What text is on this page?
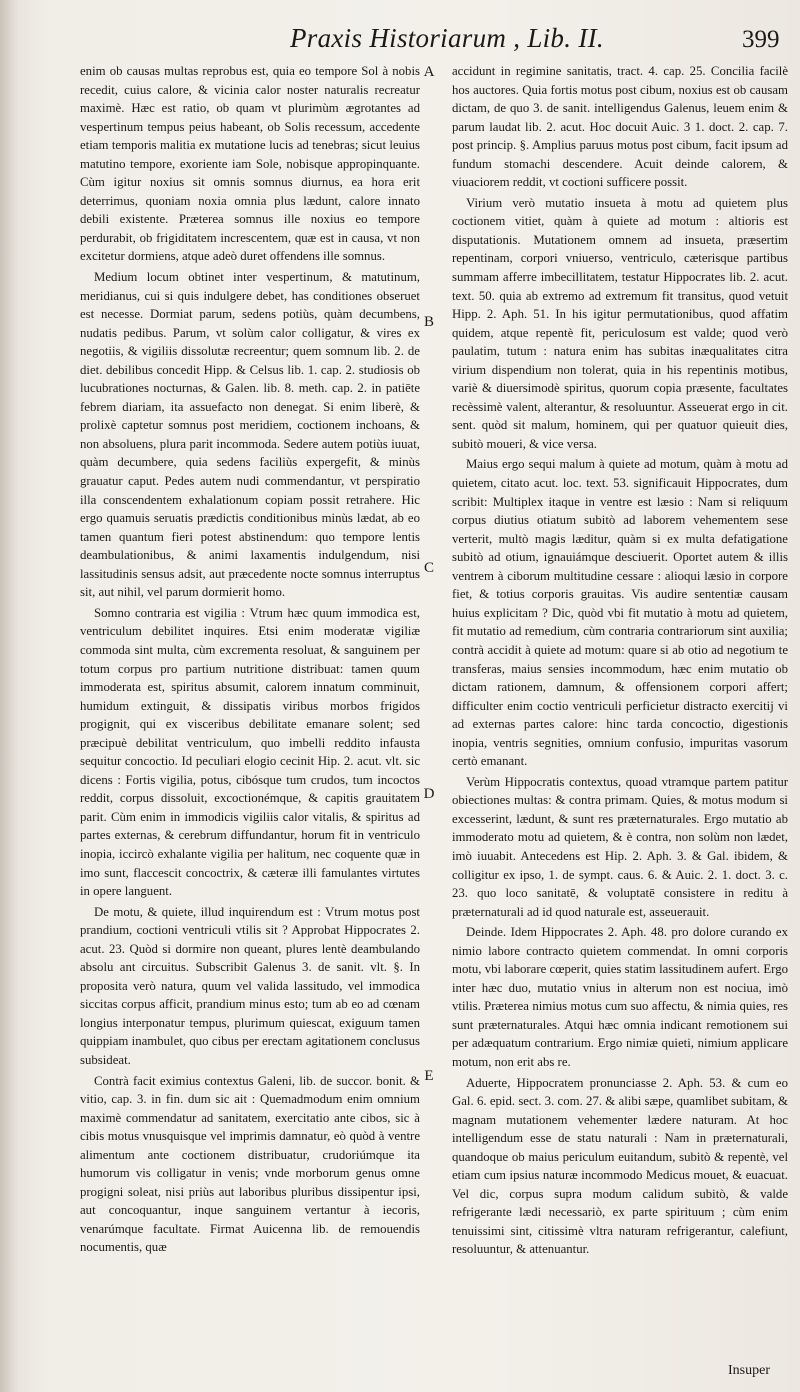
Praxis Historiarum , Lib. II.	399

enim ob causas multas reprobus est, quia eo tempore Sol à nobis recedit, cuius calore, & vicinia calor noster naturalis recreatur maximè. Hæc est ratio, ob quam vt plurimùm ægrotantes ad vespertinum tempus peius habeant, ob Solis recessum, accedente etiam temporis malitia ex mutatione lucis ad tenebras; sicut leuius matutino tempore, exoriente iam Sole, nobisque appropinquante. Cùm igitur noxius sit omnis somnus diurnus, ea hora erit deterrimus, quoniam noxia omnia plus lædunt, calore innato debili existente. Præterea somnus ille noxius eo tempore perdurabit, ob frigiditatem increscentem, quæ est in causa, vt non excitetur dormiens, atque adeò duret offendens ille somnus.

Medium locum obtinet inter vespertinum, & matutinum, meridianus, cui si quis indulgere debet, has conditiones obseruet est necesse. Dormiat parum, sedens potiùs, quàm decumbens, nudatis pedibus. Parum, vt solùm calor colligatur, & vires ex negotiis, & vigiliis dissolutæ recreentur; quem somnum lib. 2. de diet. debilibus concedit Hipp. & Celsus lib. 1. cap. 2. studiosis ob lucubrationes nocturnas, & Galen. lib. 8. meth. cap. 2. in patiēte febrem diariam, ita assuefacto non denegat. Si enim liberè, & prolixè captetur somnus post meridiem, coctionem inchoans, & non absoluens, plura parit incommoda. Sedere autem potiùs iuuat, quàm decumbere, quia sedens faciliùs expergefit, & minùs grauatur caput. Pedes autem nudi commendantur, vt perspiratio illa conscendentem exhalationum copiam possit retrahere. Hic ergo quamuis seruatis prædictis conditionibus minùs lædat, ab eo tamen quantum fieri potest abstinendum: quo tempore lentis deambulationibus, & animi laxamentis indulgendum, nisi lassitudinis sensus adsit, aut præcedente nocte somnus interruptus sit, aut nihil, vel parum dormierit homo.

Somno contraria est vigilia : Vtrum hæc quum immodica est, ventriculum debilitet inquires. Etsi enim moderatæ vigiliæ commoda sint multa, cùm excrementa resoluat, & sanguinem per totum corpus pro partium nutritione distribuat: tamen quum immoderata est, spiritus absumit, calorem innatum comminuit, humidum extinguit, & dissipatis viribus morbos frigidos progignit, qui ex visceribus debilitate emanare solent; sed præcipuè debilitat ventriculum, quo imbelli reddito infausta sequitur concoctio. Id peculiari elogio cecinit Hip. 2. acut. vlt. sic dicens : Fortis vigilia, potus, cibósque tum crudos, tum incoctos reddit, corpus dissoluit, excoctionémque, & capitis grauitatem parit. Cùm enim in immodicis vigiliis calor vitalis, & spiritus ad partes externas, & cerebrum diffundantur, horum fit in ventriculo inopia, iccircò exhalante vigilia per halitum, nec coquente quæ in imo sunt, flaccescit concoctrix, & cæteræ illi famulantes virtutes in opere languent.

De motu, & quiete, illud inquirendum est : Vtrum motus post prandium, coctioni ventriculi vtilis sit ? Approbat Hippocrates 2. acut. 23. Quòd si dormire non queant, plures lentè deambulando absolu ant circuitus. Subscribit Galenus 3. de sanit. vlt. §. In proposita verò natura, quum vel valida lassitudo, vel immodica siccitas corpus afficit, prandium minus esto; tum ab eo ad cœnam longius interponatur tempus, plurimum quiescat, exiguum tamen quippiam inambulet, quo cibus per erectam agitationem conclusus subsideat.

Contrà facit eximius contextus Galeni, lib. de succor. bonit. & vitio, cap. 3. in fin. dum sic ait : Quemadmodum enim omnium maximè commendatur ad sanitatem, exercitatio ante cibos, sic à cibis motus vnusquisque vel imprimis damnatur, eò quòd à ventre alimentum ante coctionem distribuatur, crudoriúmque ita humorum vis colligatur in venis; vnde morborum genus omne progigni soleat, nisi priùs aut laboribus pluribus dissipentur ipsi, aut concoquantur, inque sanguinem vertantur à iecoris, venarúmque facultate. Firmat Auicenna lib. de remouendis nocumentis, quæ

A
B
C
D
E

accidunt in regimine sanitatis, tract. 4. cap. 25. Concilia facilè hos auctores. Quia fortis motus post cibum, noxius est ob causam dictam, de quo 3. de sanit. intelligendus Galenus, leuem enim & parum laudat lib. 2. acut. Hoc docuit Auic. 3 1. doct. 2. cap. 7. post princip. §. Amplius paruus motus post cibum, facit ipsum ad fundum stomachi descendere. Acuit deinde calorem, & viuaciorem reddit, vt coctioni sufficere possit.

Virium verò mutatio insueta à motu ad quietem plus coctionem vitiet, quàm à quiete ad motum : altioris est disputationis. Mutationem omnem ad insueta, præsertim repentinam, corpori vniuerso, ventriculo, cæterisque partibus summam afferre imbecillitatem, testatur Hippocrates lib. 2. acut. text. 50. quia ab extremo ad extremum fit transitus, quod vetuit Hipp. 2. Aph. 51. In his igitur permutationibus, quod affatim quidem, atque repentè fit, periculosum est valde; quod verò paulatim, tutum : natura enim has subitas inæqualitates citra virium dispendium non tolerat, quia in his repentinis motibus, variè & diuersimodè spiritus, quorum copia præsente, facultates recèssimè valent, alterantur, & resoluuntur. Asseuerat ergo in cit. sent. quòd sit malum, hominem, qui per quatuor quieuit dies, subitò moueri, & vice versa.

Maius ergo sequi malum à quiete ad motum, quàm à motu ad quietem, citato acut. loc. text. 53. significauit Hippocrates, dum scribit: Multiplex itaque in ventre est læsio : Nam si reliquum corpus diutius otiatum subitò ad laborem vehementem sese verterit, multò magis læditur, quàm si ex multa defatigatione subitò ad otium, ignauiámque desciuerit. Oportet autem & illis ventrem à ciborum multitudine cessare : alioqui læsio in corpore fiet, & totius corporis grauitas. Vis audire sententiæ causam huius explicitam ? Dic, quòd vbi fit mutatio à motu ad quietem, fit mutatio ad remedium, cùm contraria contrariorum sint auxilia; contrà accidit à quiete ad motum: quare si ab otio ad negotium te transferas, maius sensies incommodum, hæc enim mutatio ob dictam rationem, damnum, & offensionem corpori affert; difficulter enim coctio ventriculi perficietur distracto exercitij vi ad externas partes calore: hinc tarda concoctio, digestionis inopia, ventris segnities, omnium confusio, impuritas vasorum certò emanant.

Verùm Hippocratis contextus, quoad vtramque partem patitur obiectiones multas: & contra primam. Quies, & motus modum si excesserint, lædunt, & sunt res præternaturales. Ergo mutatio ab immoderato motu ad quietem, & è contra, non solùm non lædet, imò iuuabit. Antecedens est Hip. 2. Aph. 3. & Gal. ibidem, & colligitur ex ipso, 1. de sympt. caus. 6. & Auic. 2. 1. doct. 3. c. 23. quo loco sanitatē, & voluptatē consistere in reditu à præternaturali ad id quod naturale est, asseuerauit.

Deinde. Idem Hippocrates 2. Aph. 48. pro dolore curando ex nimio labore contracto quietem commendat. In omni corporis motu, vbi laborare cœperit, quies statim lassitudinem aufert. Ergo inter hæc duo, mutatio vnius in alterum non est nociua, imò vtilis. Præterea nimius motus cum suo affectu, & nimia quies, res sunt præternaturales. Atqui hæc omnia indicant remotionem sui per adæquatum contrarium. Ergo nimiæ quieti, nimium applicare motum, non erit abs re.

Aduerte, Hippocratem pronunciasse 2. Aph. 53. & cum eo Gal. 6. epid. sect. 3. com. 27. & alibi sæpe, quamlibet subitam, & magnam mutationem vehementer lædere naturam. At hoc intelligendum esse de statu naturali : Nam in præternaturali, quandoque ob maius periculum euitandum, subitò & repentè, vel etiam cum ipsius naturæ incommodo Medicus mouet, & euacuat. Vel dic, corpus supra modum calidum subitò, & valde refrigerante lædi necessariò, ex parte spirituum ; cùm enim tenuissimi sint, citissimè vltra naturam refrigerantur, calefiunt, resoluuntur, & attenuantur.

Insuper
